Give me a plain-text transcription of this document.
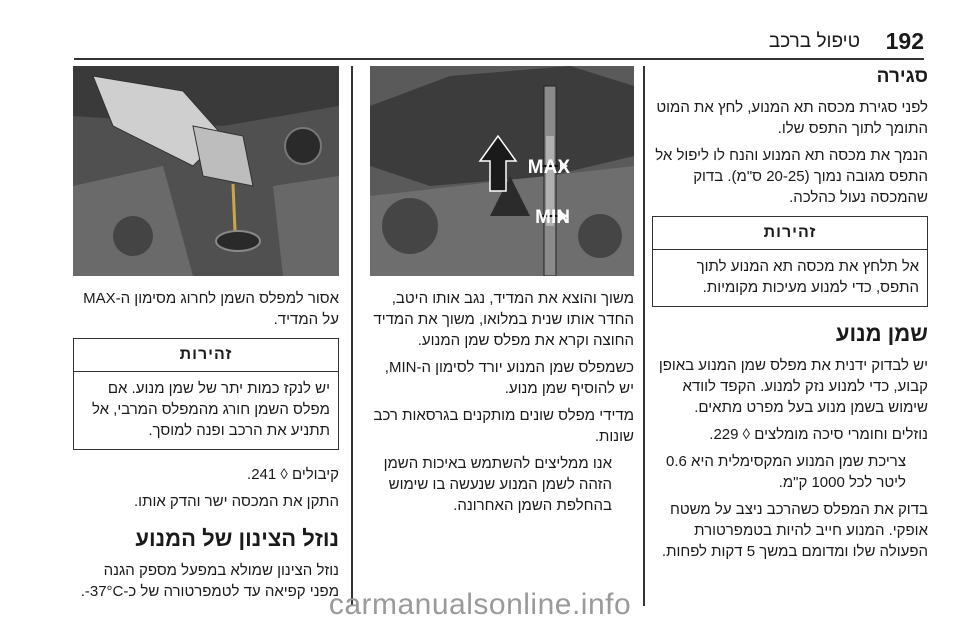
192
טיפול ברכב
סגירה

לפני סגירת מכסה תא המנוע, לחץ את המוט התומך לתוך התפס שלו.

הנמך את מכסה תא המנוע והנח לו ליפול אל התפס מגובה נמוך (20-25 ס"מ). בדוק שהמכסה נעול כהלכה.

זהירות
אל תלחץ את מכסה תא המנוע לתוך התפס, כדי למנוע מעיכות מקומיות.
שמן מנוע

יש לבדוק ידנית את מפלס שמן המנוע באופן קבוע, כדי למנוע נזק למנוע. הקפד לוודא שימוש בשמן מנוע בעל מפרט מתאים.

נוזלים וחומרי סיכה מומלצים ◊ 229.

צריכת שמן המנוע המקסימלית היא 0.6 ליטר לכל 1000 ק"מ.

בדוק את המפלס כשהרכב ניצב על משטח אופקי. המנוע חייב להיות בטמפרטורת הפעולה שלו ומדומם במשך 5 דקות לפחות.

MAX
MIN

משוך והוצא את המדיד, נגב אותו היטב, החדר אותו שנית במלואו, משוך את המדיד החוצה וקרא את מפלס שמן המנוע.

כשמפלס שמן המנוע יורד לסימון ה-MIN, יש להוסיף שמן מנוע.

מדידי מפלס שונים מותקנים בגרסאות רכב שונות.

אנו ממליצים להשתמש באיכות השמן הזהה לשמן המנוע שנעשה בו שימוש בהחלפת השמן האחרונה.

אסור למפלס השמן לחרוג מסימון ה-MAX על המדיד.

זהירות
יש לנקז כמות יתר של שמן מנוע. אם מפלס השמן חורג מהמפלס המרבי, אל תתניע את הרכב ופנה למוסך.

קיבולים ◊ 241.

התקן את המכסה ישר והדק אותו.

נוזל הצינון של המנוע

נוזל הצינון שמולא במפעל מספק הגנה מפני קפיאה עד לטמפרטורה של כ-37°C-.

carmanualsonline.info
